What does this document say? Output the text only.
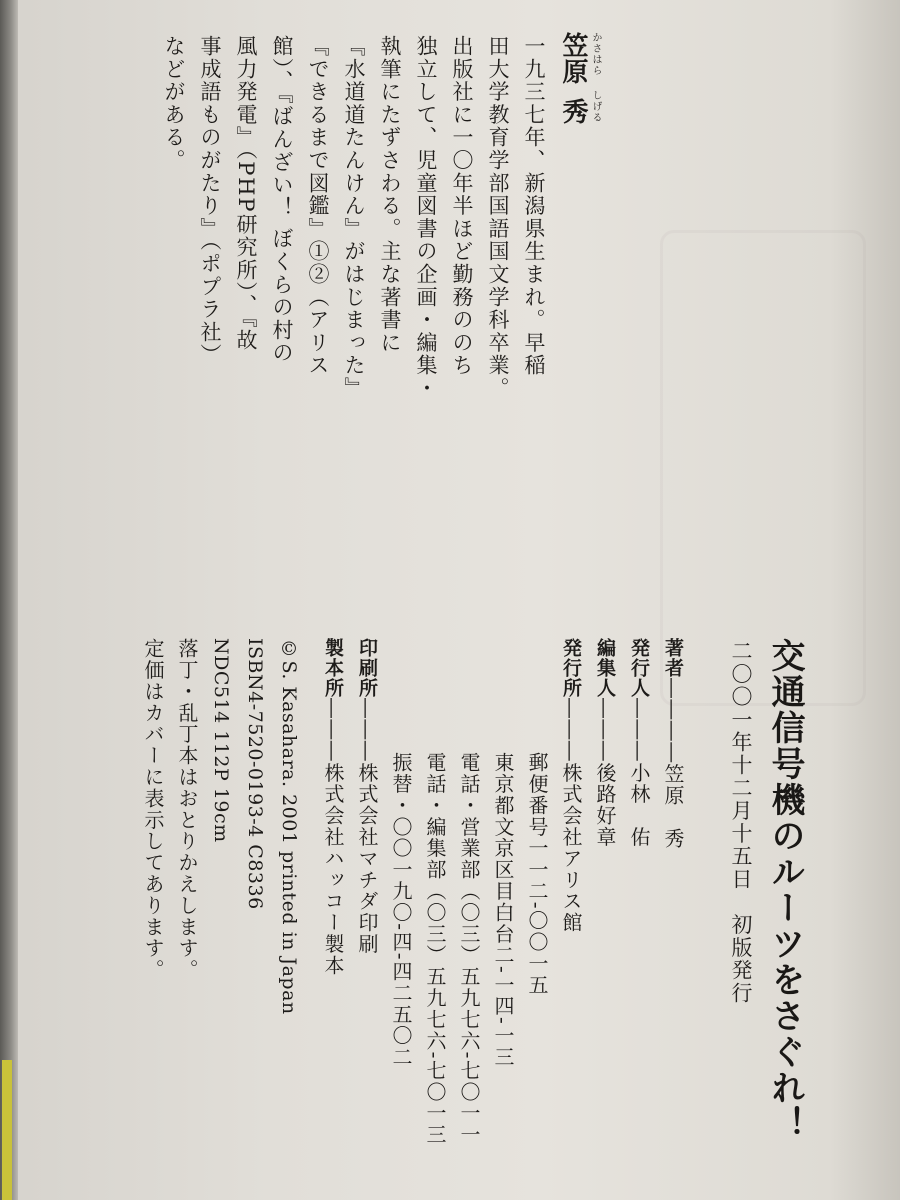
かさはら
しげる
笠原
秀
一九三七年、新潟県生まれ。早稲
田大学教育学部国語国文学科卒業。
出版社に一〇年半ほど勤務ののち
独立して、児童図書の企画・編集・
執筆にたずさわる。主な著書に
『水道道たんけん』がはじまった』
『できるまで図鑑』①②（アリス
館）、『ばんざい！ ぼくらの村の
風力発電』（PHP研究所）、『故
事成語ものがたり』（ポプラ社）
などがある。
交通信号機のルーツをさぐれ！
二〇〇一年十二月十五日　初版発行
著者――――笠原　秀
発行人―――小林　佑
編集人―――後路好章
発行所―――株式会社アリス館
郵便番号一一二-〇〇一五
東京都文京区目白台二-一四-一三
電話・営業部（〇三）五九七六-七〇一一
電話・編集部（〇三）五九七六-七〇一三
振替・〇〇一九〇-四-四二五〇二
印刷所―――株式会社マチダ印刷
製本所―――株式会社ハッコー製本
©S. Kasahara. 2001 printed in Japan
ISBN4-7520-0193-4 C8336
NDC514 112P 19cm
落丁・乱丁本はおとりかえします。
定価はカバーに表示してあります。
